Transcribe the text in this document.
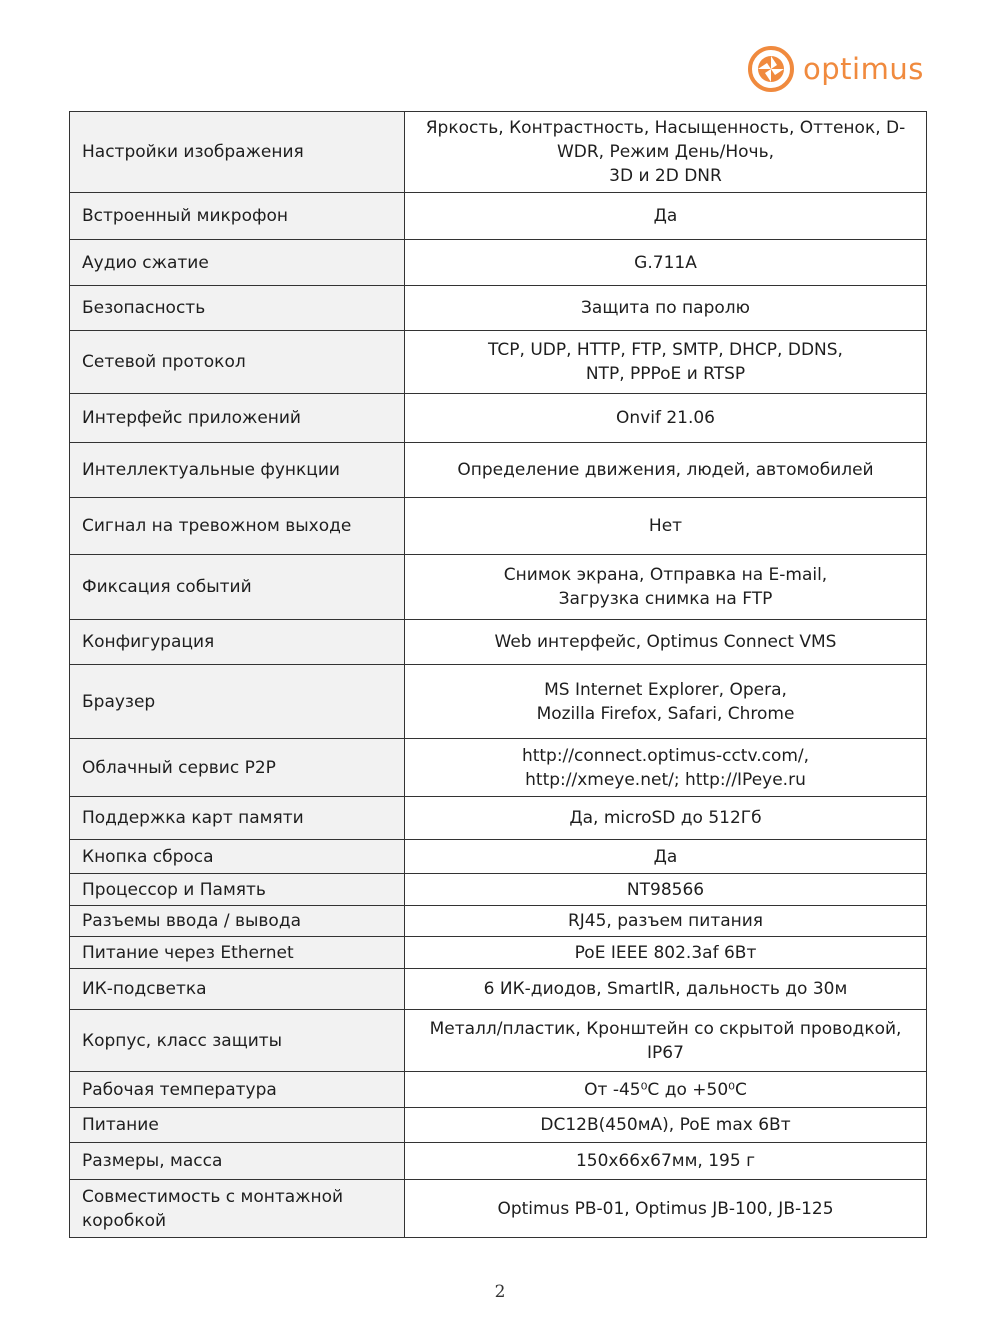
optimus
Настройки изображения	Яркость, Контрастность, Насыщенность, Оттенок, D-
WDR, Режим День/Ночь,
3D и 2D DNR

Встроенный микрофон	Да

Аудио сжатие	G.711A

Безопасность	Защита по паролю

Сетевой протокол	TCP, UDP, HTTP, FTP, SMTP, DHCP, DDNS,
NTP, PPPoE и RTSP

Интерфейс приложений	Onvif 21.06

Интеллектуальные функции	Определение движения, людей, автомобилей

Сигнал на тревожном выходе	Нет

Фиксация событий	Снимок экрана, Отправка на E-mail,
Загрузка снимка на FTP

Конфигурация	Web интерфейс, Optimus Connect VMS

Браузер	MS Internet Explorer, Opera,
Mozilla Firefox, Safari, Chrome

Облачный сервис P2P	http://connect.optimus-cctv.com/,
http://xmeye.net/; http://IPeye.ru

Поддержка карт памяти	Да, microSD до 512Гб

Кнопка сброса	Да

Процессор и Память	NT98566

Разъемы ввода / вывода	RJ45, разъем питания

Питание через Ethernet	PoE IEEE 802.3af 6Вт

ИК-подсветка	6 ИК-диодов, SmartIR, дальность до 30м

Корпус, класс защиты	Металл/пластик, Кронштейн со скрытой проводкой,
IP67

Рабочая температура	От -45⁰С до +50⁰С

Питание	DC12B(450мА), PoE max 6Вт

Размеры, масса	150х66х67мм, 195 г

Совместимость с монтажной коробкой	Optimus PB-01, Optimus JB-100, JB-125
2
